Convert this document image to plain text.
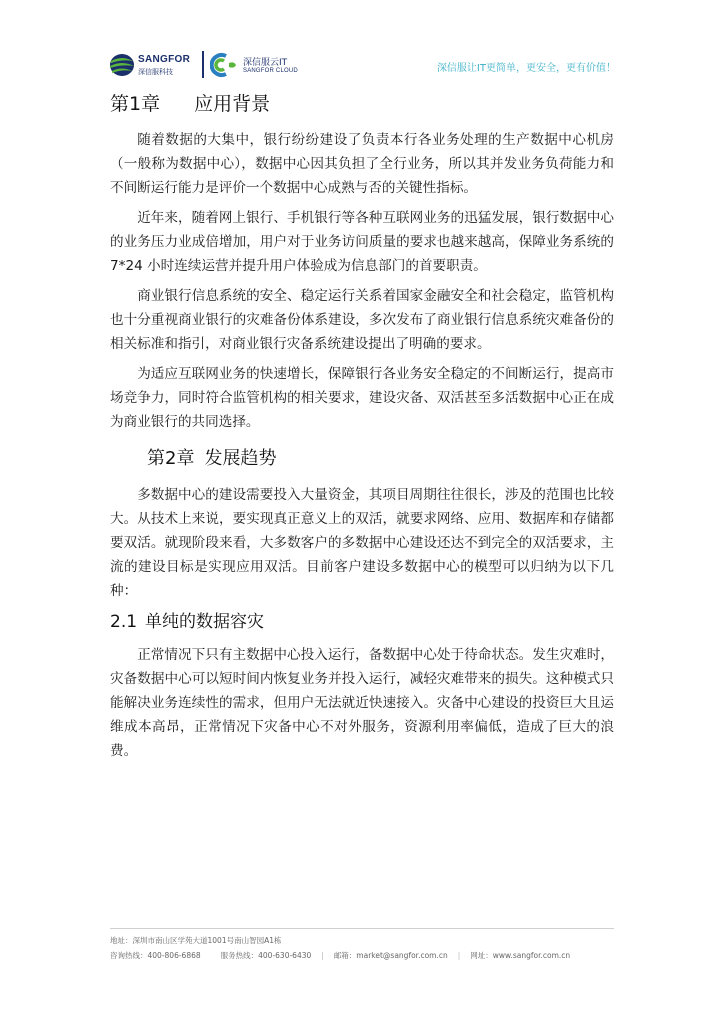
SANGFOR
深信服科技
深信服云IT
SANGFOR CLOUD	深信服让IT更简单，更安全，更有价值！
第1章 应用背景

随着数据的大集中，银行纷纷建设了负责本行各业务处理的生产数据中心机房（一般称为数据中心），数据中心因其负担了全行业务，所以其并发业务负荷能力和不间断运行能力是评价一个数据中心成熟与否的关键性指标。

近年来，随着网上银行、手机银行等各种互联网业务的迅猛发展，银行数据中心的业务压力业成倍增加，用户对于业务访问质量的要求也越来越高，保障业务系统的 7*24 小时连续运营并提升用户体验成为信息部门的首要职责。

商业银行信息系统的安全、稳定运行关系着国家金融安全和社会稳定，监管机构也十分重视商业银行的灾难备份体系建设，多次发布了商业银行信息系统灾难备份的相关标准和指引，对商业银行灾备系统建设提出了明确的要求。

为适应互联网业务的快速增长，保障银行各业务安全稳定的不间断运行，提高市场竞争力，同时符合监管机构的相关要求，建设灾备、双活甚至多活数据中心正在成为商业银行的共同选择。

第2章 发展趋势

多数据中心的建设需要投入大量资金，其项目周期往往很长，涉及的范围也比较大。从技术上来说，要实现真正意义上的双活，就要求网络、应用、数据库和存储都要双活。就现阶段来看，大多数客户的多数据中心建设还达不到完全的双活要求，主流的建设目标是实现应用双活。目前客户建设多数据中心的模型可以归纳为以下几种：

2.1 单纯的数据容灾

正常情况下只有主数据中心投入运行，备数据中心处于待命状态。发生灾难时，灾备数据中心可以短时间内恢复业务并投入运行，减轻灾难带来的损失。这种模式只能解决业务连续性的需求，但用户无法就近快速接入。灾备中心建设的投资巨大且运维成本高昂，正常情况下灾备中心不对外服务，资源利用率偏低，造成了巨大的浪费。

地址：深圳市南山区学苑大道1001号南山智园A1栋
咨询热线：400-806-6868	服务热线：400-630-6430 | 邮箱：market@sangfor.com.cn | 网址：www.sangfor.com.cn
